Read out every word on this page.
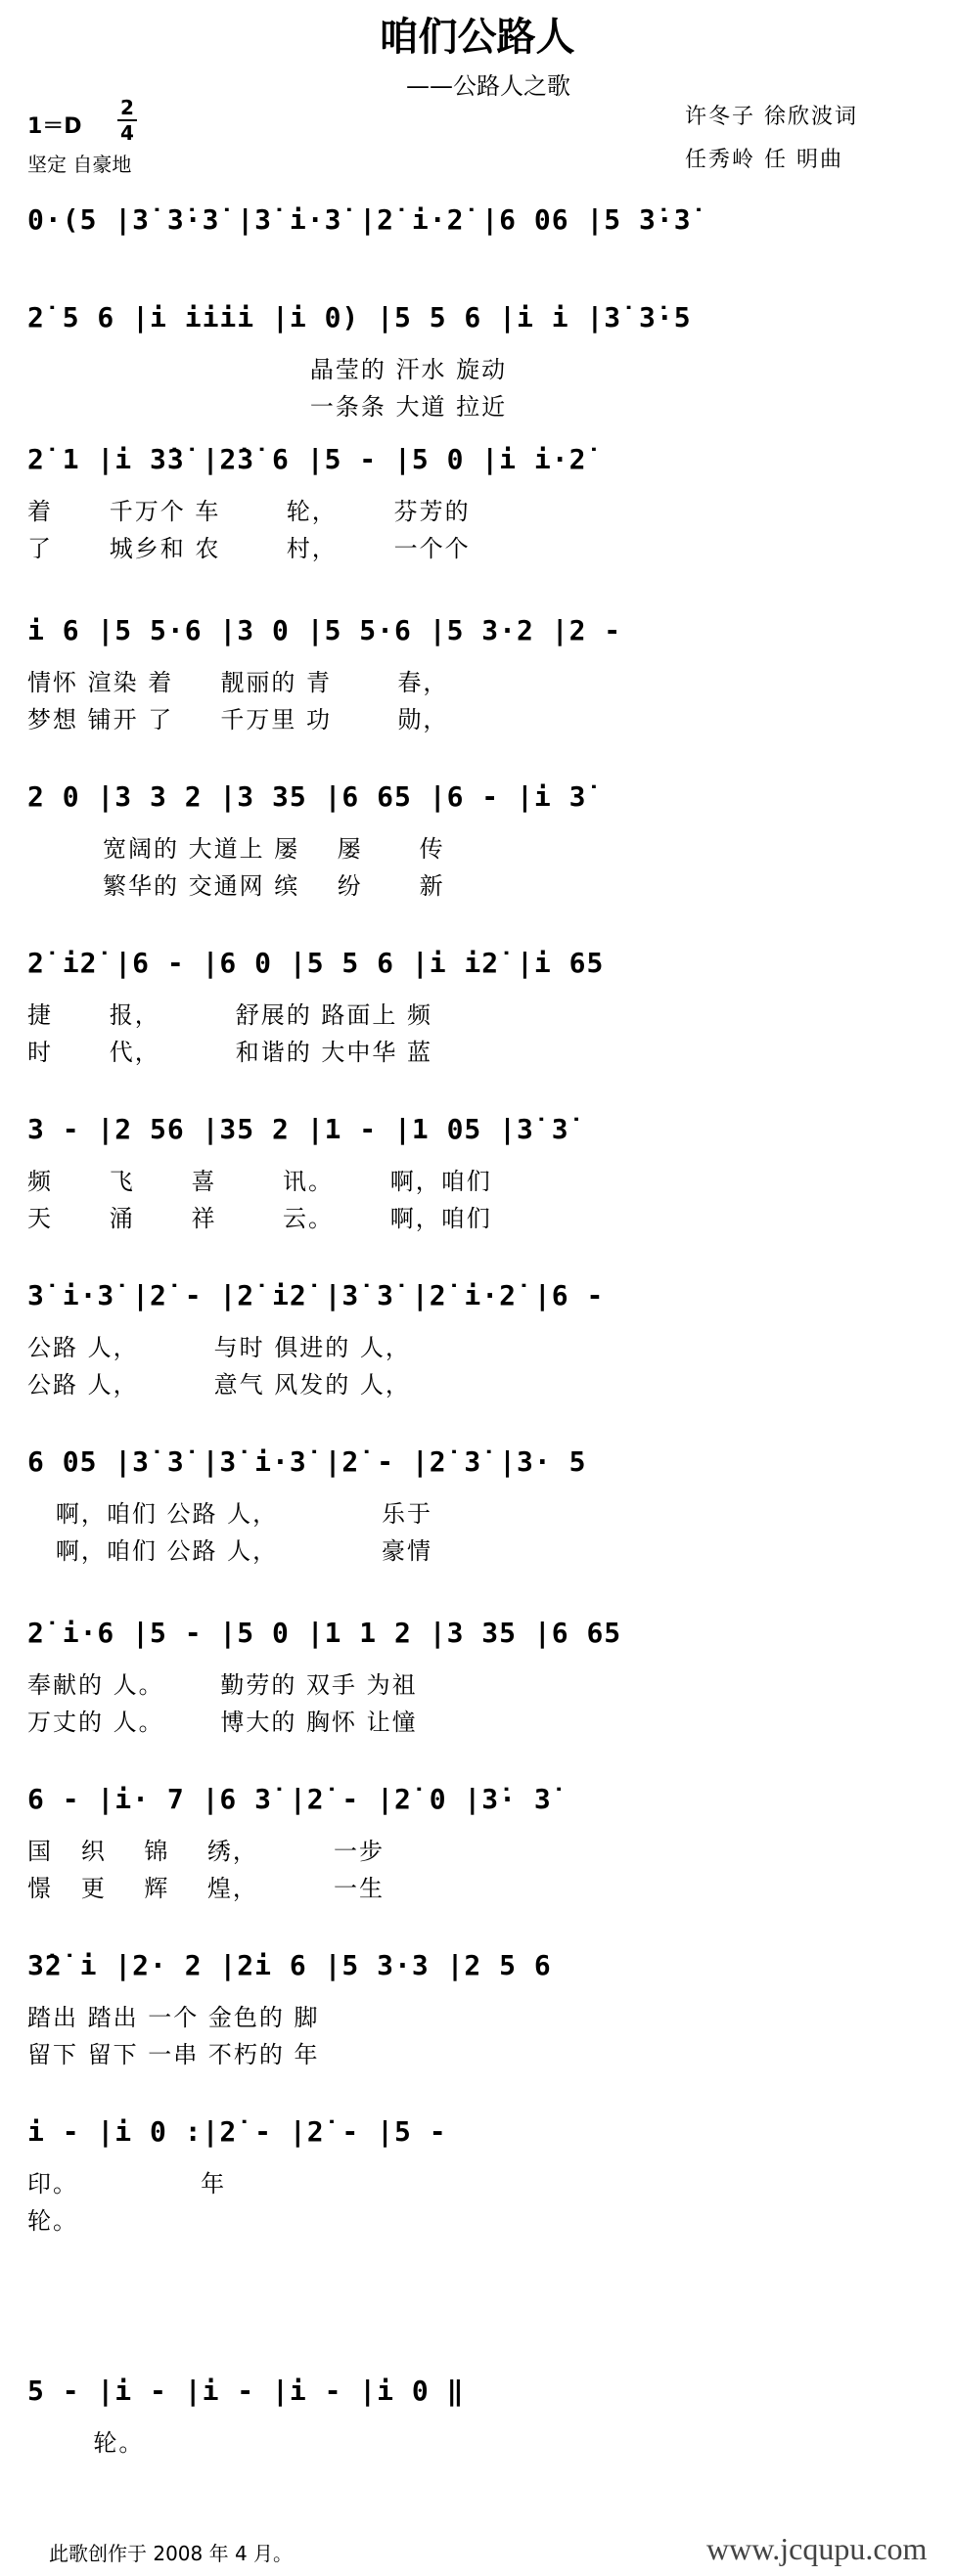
咱们公路人
——公路人之歌
1＝D
2
4
坚定 自豪地
许冬子 徐欣波词
任秀岭 任 明曲
0·(5 |3̇ 3̇·3̇ |3̇ i·3̇ |2̇ i·2̇ |6 06 |5 3̇·3̇
2̇ 5 6 |i iiii |i 0) |5 5 6 |i i |3̇ 3̇·5
晶莹的 汗水 旋动
一条条 大道 拉近
2̇ 1 |i 3̇3̇ |2̇3̇ 6 |5 - |5 0 |i i·2̇
着      千万个 车       轮，      芬芳的
了      城乡和 农       村，      一个个
i 6 |5 5·6 |3 0 |5 5·6 |5 3·2 |2 -
情怀 渲染 着     靓丽的 青       春，
梦想 铺开 了     千万里 功       勋，
2 0 |3 3 2 |3 35 |6 65 |6 - |i 3̇
宽阔的 大道上 屡    屡      传
繁华的 交通网 缤    纷      新
2̇ i2̇ |6 - |6 0 |5 5 6 |i i2̇ |i 65
捷      报，        舒展的 路面上 频
时      代，        和谐的 大中华 蓝
3 - |2 56 |35 2 |1 - |1 05 |3̇ 3̇
频      飞      喜       讯。      啊，咱们
天      涌      祥       云。      啊，咱们
3̇ i·3̇ |2̇ - |2̇ i2̇ |3̇ 3̇ |2̇ i·2̇ |6 -
公路 人，        与时 俱进的 人，
公路 人，        意气 风发的 人，
6 05 |3̇ 3̇ |3̇ i·3̇ |2̇ - |2̇ 3̇ |3· 5
啊，咱们 公路 人，           乐于
啊，咱们 公路 人，           豪情
2̇ i·6 |5 - |5 0 |1 1 2 |3 35 |6 65
奉献的 人。      勤劳的 双手 为祖
万丈的 人。      博大的 胸怀 让憧
6 - |i· 7 |6 3̇ |2̇ - |2̇ 0 |3̇· 3̇
国   织    锦    绣，        一步
憬   更    辉    煌，        一生
3̇2̇ i |2· 2 |2i 6 |5 3·3 |2 5 6
踏出 踏出 一个 金色的 脚
留下 留下 一串 不朽的 年
i - |i 0 :|2̇ - |2̇ - |5 -
印。             年
轮。
5 - |i - |i - |i - |i 0 ‖
轮。
此歌创作于 2008 年 4 月。	www.jcqupu.com
